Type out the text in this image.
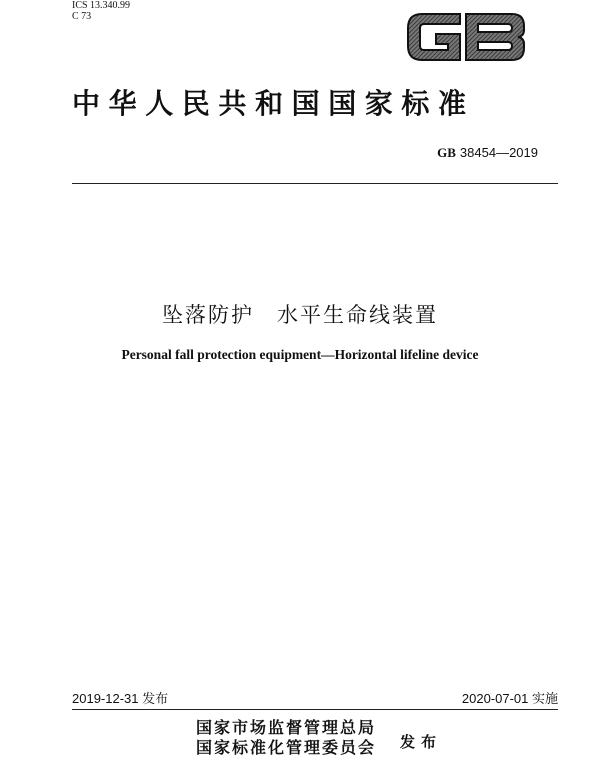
ICS 13.340.99
C 73
中华人民共和国国家标准
GB 38454—2019
坠落防护　水平生命线装置
Personal fall protection equipment—Horizontal lifeline device
2019-12-31 发布	2020-07-01 实施
国家市场监督管理总局
国家标准化管理委员会 发布
